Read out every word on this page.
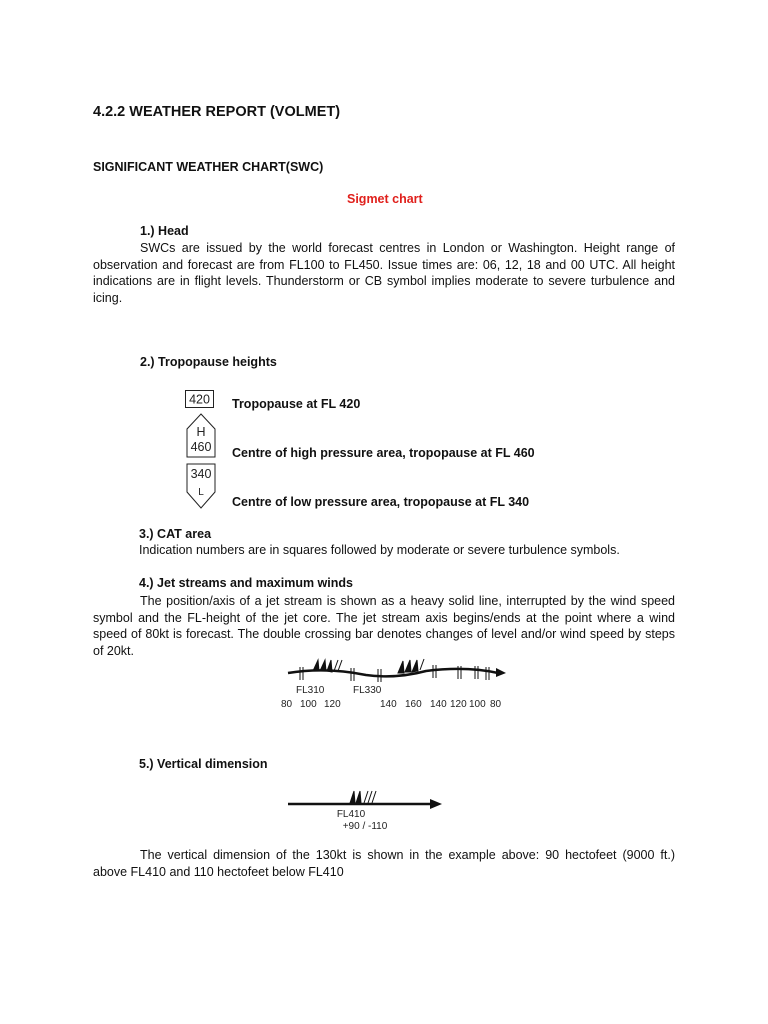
4.2.2 WEATHER REPORT (VOLMET)
SIGNIFICANT WEATHER CHART(SWC)
Sigmet chart
1.) Head
SWCs are issued by the world forecast centres in London or Washington. Height range of observation and forecast are from FL100 to FL450. Issue times are: 06, 12, 18 and 00 UTC. All height indications are in flight levels. Thunderstorm or CB symbol implies moderate to severe turbulence and icing.
2.) Tropopause heights
420 Tropopause at FL 420
H
460 Centre of high pressure area, tropopause at FL 460
340
L
Centre of low pressure area, tropopause at FL 340
3.) CAT area
Indication numbers are in squares followed by moderate or severe turbulence symbols.
4.) Jet streams and maximum winds
The position/axis of a jet stream is shown as a heavy solid line, interrupted by the wind speed symbol and the FL-height of the jet core. The jet stream axis begins/ends at the point where a wind speed of 80kt is forecast. The double crossing bar denotes changes of level and/or wind speed by steps of 20kt.
FL310	FL330
80 100 120	140 160 140 120 100 80
5.) Vertical dimension
FL410
+90 / -110
The vertical dimension of the 130kt is shown in the example above: 90 hectofeet (9000 ft.) above FL410 and 110 hectofeet below FL410
